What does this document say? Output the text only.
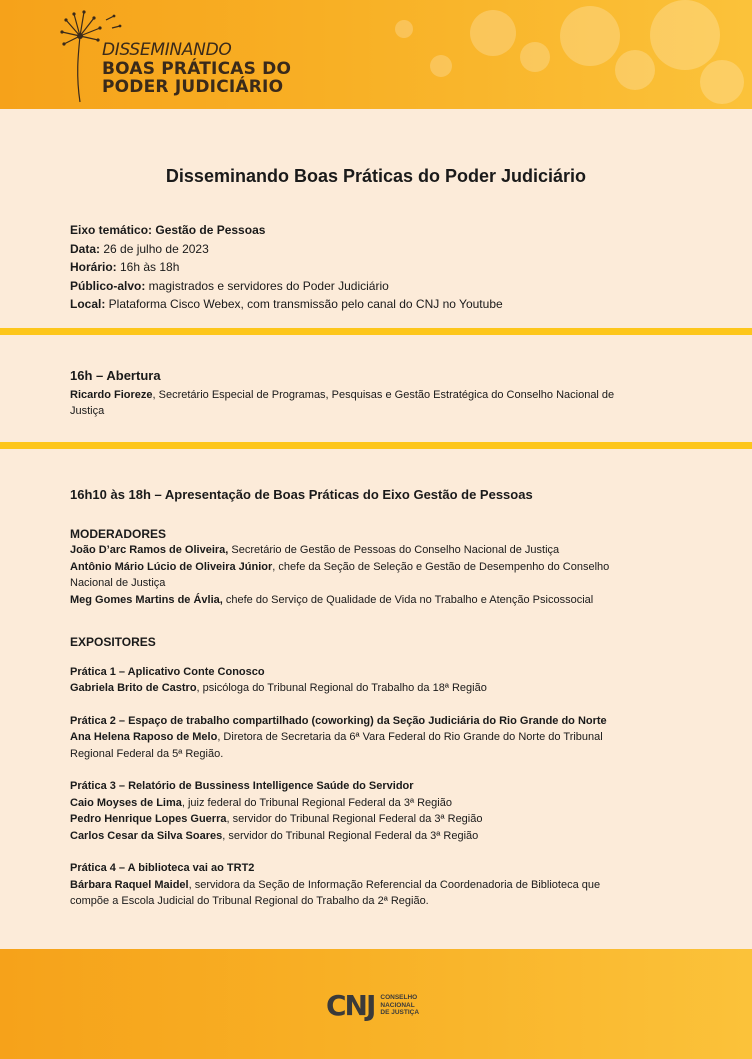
DISSEMINANDO
BOAS PRÁTICAS DO
PODER JUDICIÁRIO
Disseminando Boas Práticas do Poder Judiciário

Eixo temático: Gestão de Pessoas

Data: 26 de julho de 2023

Horário: 16h às 18h

Público-alvo: magistrados e servidores do Poder Judiciário

Local: Plataforma Cisco Webex, com transmissão pelo canal do CNJ no Youtube

16h – Abertura

Ricardo Fioreze, Secretário Especial de Programas, Pesquisas e Gestão Estratégica do Conselho Nacional de Justiça

16h10 às 18h – Apresentação de Boas Práticas do Eixo Gestão de Pessoas
MODERADORES

João D’arc Ramos de Oliveira, Secretário de Gestão de Pessoas do Conselho Nacional de Justiça

Antônio Mário Lúcio de Oliveira Júnior, chefe da Seção de Seleção e Gestão de Desempenho do Conselho Nacional de Justiça

Meg Gomes Martins de Ávlia, chefe do Serviço de Qualidade de Vida no Trabalho e Atenção Psicossocial

EXPOSITORES

Prática 1 – Aplicativo Conte Conosco

Gabriela Brito de Castro, psicóloga do Tribunal Regional do Trabalho da 18ª Região

Prática 2 – Espaço de trabalho compartilhado (coworking) da Seção Judiciária do Rio Grande do Norte

Ana Helena Raposo de Melo, Diretora de Secretaria da 6ª Vara Federal do Rio Grande do Norte do Tribunal Regional Federal da 5ª Região.

Prática 3 – Relatório de Bussiness Intelligence Saúde do Servidor

Caio Moyses de Lima, juiz federal do Tribunal Regional Federal da 3ª Região

Pedro Henrique Lopes Guerra, servidor do Tribunal Regional Federal da 3ª Região

Carlos Cesar da Silva Soares, servidor do Tribunal Regional Federal da 3ª Região

Prática 4 – A biblioteca vai ao TRT2

Bárbara Raquel Maidel, servidora da Seção de Informação Referencial da Coordenadoria de Biblioteca que compõe a Escola Judicial do Tribunal Regional do Trabalho da 2ª Região.

CNJ CONSELHO
NACIONAL
DE JUSTIÇA
